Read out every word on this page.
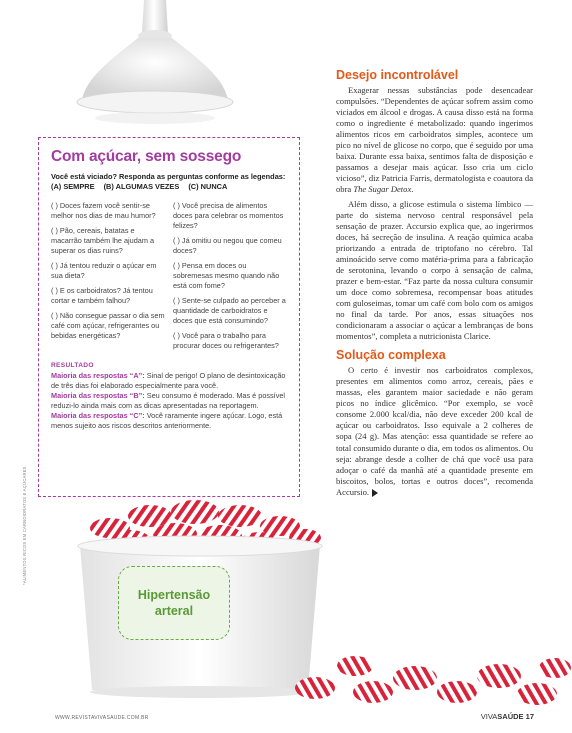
Com açúcar, sem sossego
Você está viciado? Responda as perguntas conforme as legendas:
(A) SEMPRE (B) ALGUMAS VEZES (C) NUNCA
( ) Doces fazem você sentir-se melhor nos dias de mau humor?
( ) Pão, cereais, batatas e macarrão também lhe ajudam a superar os dias ruins?
( ) Já tentou reduzir o açúcar em sua dieta?
( ) E os carboidratos? Já tentou cortar e também falhou?
( ) Não consegue passar o dia sem café com açúcar, refrigerantes ou bebidas energéticas?
( ) Você precisa de alimentos doces para celebrar os momentos felizes?
( ) Já omitiu ou negou que comeu doces?
( ) Pensa em doces ou sobremesas mesmo quando não está com fome?
( ) Sente-se culpado ao perceber a quantidade de carboidratos e doces que está consumindo?
( ) Você para o trabalho para procurar doces ou refrigerantes?
RESULTADO
Maioria das respostas “A”: Sinal de perigo! O plano de desintoxicação de três dias foi elaborado especialmente para você.
Maioria das respostas “B”: Seu consumo é moderado. Mas é possível reduzi-lo ainda mais com as dicas apresentadas na reportagem.
Maioria das respostas “C”: Você raramente ingere açúcar. Logo, está menos sujeito aos riscos descritos anteriormente.
Desejo incontrolável

Exagerar nessas substâncias pode desencadear compulsões. “Dependentes de açúcar sofrem assim como viciados em álcool e drogas. A causa disso está na forma como o ingrediente é metabolizado: quando ingerimos alimentos ricos em carboidratos simples, acontece um pico no nível de glicose no corpo, que é seguido por uma baixa. Durante essa baixa, sentimos falta de disposição e passamos a desejar mais açúcar. Isso cria um ciclo vicioso”, diz Patricia Farris, dermatologista e coautora da obra The Sugar Detox.

Além disso, a glicose estimula o sistema límbico — parte do sistema nervoso central responsável pela sensação de prazer. Accursio explica que, ao ingerirmos doces, há secreção de insulina. A reação química acaba priorizando a entrada de triptofano no cérebro. Tal aminoácido serve como matéria-prima para a fabricação de serotonina, levando o corpo à sensação de calma, prazer e bem-estar. “Faz parte da nossa cultura consumir um doce como sobremesa, recompensar boas atitudes com guloseimas, tomar um café com bolo com os amigos no final da tarde. Por anos, essas situações nos condicionaram a associar o açúcar a lembranças de bons momentos”, completa a nutricionista Clarice.

Solução complexa

O certo é investir nos carboidratos complexos, presentes em alimentos como arroz, cereais, pães e massas, eles garantem maior saciedade e não geram picos no índice glicêmico. “Por exemplo, se você consome 2.000 kcal/dia, não deve exceder 200 kcal de açúcar ou carboidratos. Isso equivale a 2 colheres de sopa (24 g). Mas atenção: essa quantidade se refere ao total consumido durante o dia, em todos os alimentos. Ou seja: abrange desde a colher de chá que você usa para adoçar o café da manhã até a quantidade presente em biscoitos, bolos, tortas e outros doces”, recomenda Accursio.

Hipertensão
arteral
*ALIMENTOS RICOS EM CARBOIDRATOS E AÇÚCARES
WWW.REVISTAVIVASAUDE.COM.BR	VIVASAÚDE 17
